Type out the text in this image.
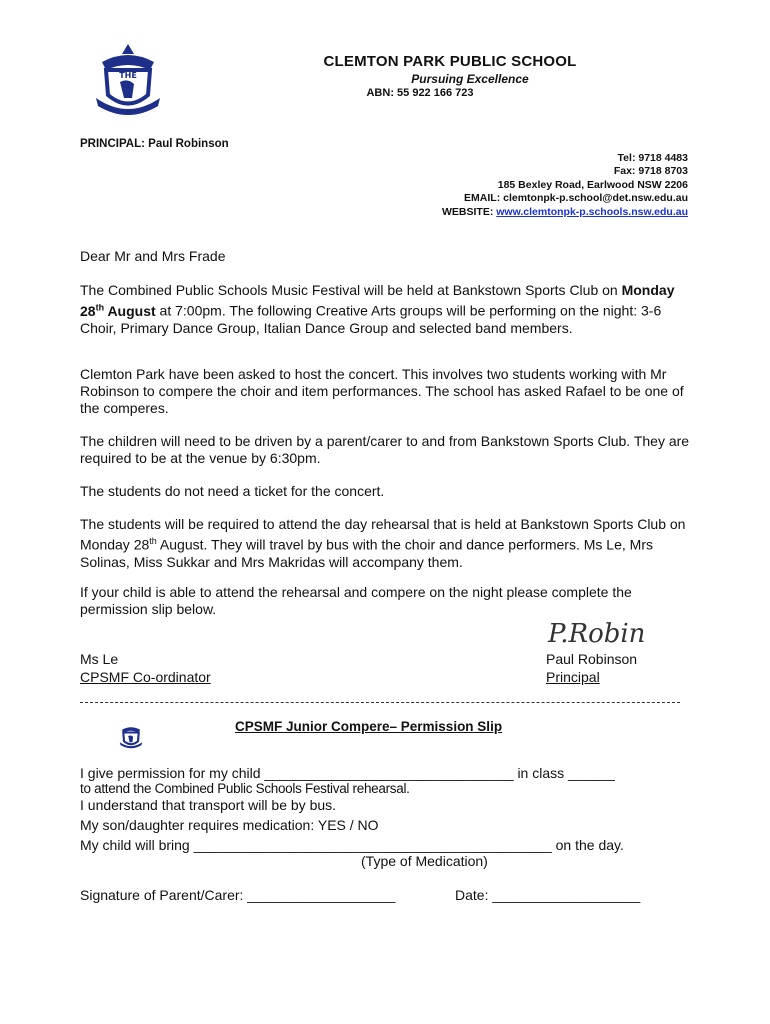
THE
CLEMTON PARK PUBLIC SCHOOL
Pursuing Excellence
ABN: 55 922 166 723
PRINCIPAL: Paul Robinson
Tel: 9718 4483
Fax: 9718 8703
185 Bexley Road, Earlwood NSW 2206
EMAIL: clemtonpk-p.school@det.nsw.edu.au
WEBSITE: www.clemtonpk-p.schools.nsw.edu.au
Dear Mr and Mrs Frade
The Combined Public Schools Music Festival will be held at Bankstown Sports Club on Monday 28th August at 7:00pm. The following Creative Arts groups will be performing on the night: 3-6 Choir, Primary Dance Group, Italian Dance Group and selected band members.
Clemton Park have been asked to host the concert. This involves two students working with Mr Robinson to compere the choir and item performances. The school has asked Rafael to be one of the comperes.
The children will need to be driven by a parent/carer to and from Bankstown Sports Club. They are required to be at the venue by 6:30pm.
The students do not need a ticket for the concert.
The students will be required to attend the day rehearsal that is held at Bankstown Sports Club on Monday 28th August. They will travel by bus with the choir and dance performers. Ms Le, Mrs Solinas, Miss Sukkar and Mrs Makridas will accompany them.
If your child is able to attend the rehearsal and compere on the night please complete the permission slip below.
P.Robin
Ms Le
CPSMF Co-ordinator
Paul Robinson
Principal
CPSMF Junior Compere– Permission Slip
I give permission for my child ________________________________ in class ______
to attend the Combined Public Schools Festival rehearsal.
I understand that transport will be by bus.
My son/daughter requires medication: YES / NO
My child will bring ______________________________________________ on the day.
(Type of Medication)
Signature of Parent/Carer: ___________________	Date: ___________________
